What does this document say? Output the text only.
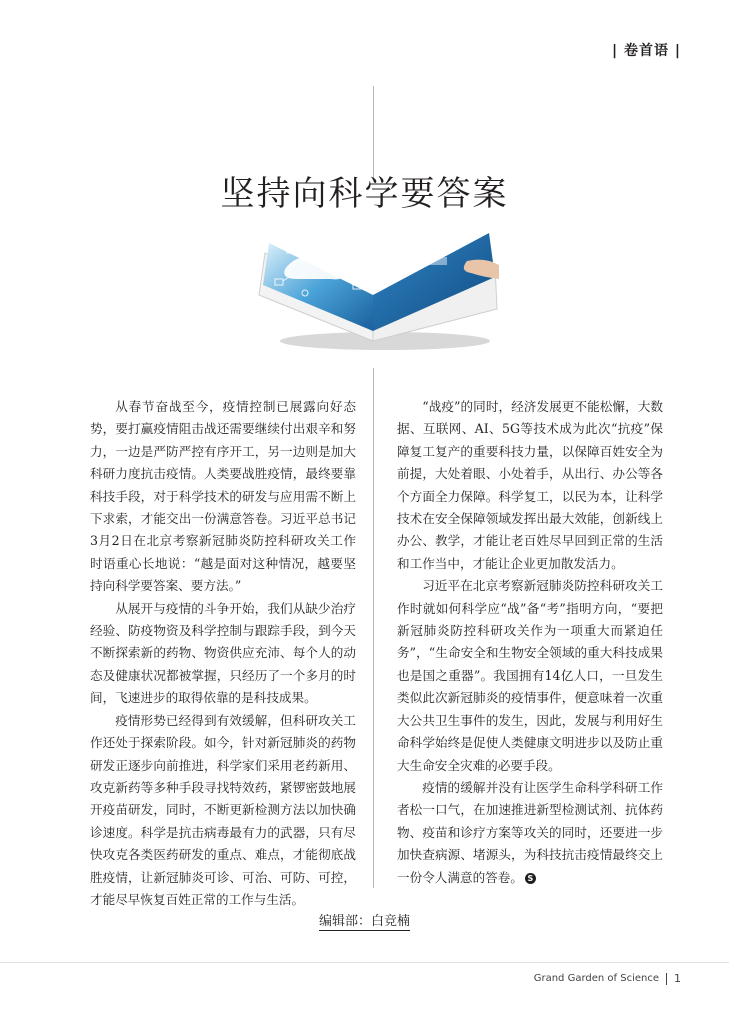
| 卷首语 |
坚持向科学要答案

从春节奋战至今，疫情控制已展露向好态势，要打赢疫情阻击战还需要继续付出艰辛和努力，一边是严防严控有序开工，另一边则是加大科研力度抗击疫情。人类要战胜疫情，最终要靠科技手段，对于科学技术的研发与应用需不断上下求索，才能交出一份满意答卷。习近平总书记3月2日在北京考察新冠肺炎防控科研攻关工作时语重心长地说：“越是面对这种情况，越要坚持向科学要答案、要方法。”

从展开与疫情的斗争开始，我们从缺少治疗经验、防疫物资及科学控制与跟踪手段，到今天不断探索新的药物、物资供应充沛、每个人的动态及健康状况都被掌握，只经历了一个多月的时间，飞速进步的取得依靠的是科技成果。

疫情形势已经得到有效缓解，但科研攻关工作还处于探索阶段。如今，针对新冠肺炎的药物研发正逐步向前推进，科学家们采用老药新用、攻克新药等多种手段寻找特效药，紧锣密鼓地展开疫苗研发，同时，不断更新检测方法以加快确诊速度。科学是抗击病毒最有力的武器，只有尽快攻克各类医药研发的重点、难点，才能彻底战胜疫情，让新冠肺炎可诊、可治、可防、可控，才能尽早恢复百姓正常的工作与生活。

“战疫”的同时，经济发展更不能松懈，大数据、互联网、AI、5G等技术成为此次“抗疫”保障复工复产的重要科技力量，以保障百姓安全为前提，大处着眼、小处着手，从出行、办公等各个方面全力保障。科学复工，以民为本，让科学技术在安全保障领域发挥出最大效能，创新线上办公、教学，才能让老百姓尽早回到正常的生活和工作当中，才能让企业更加散发活力。

习近平在北京考察新冠肺炎防控科研攻关工作时就如何科学应“战”备“考”指明方向，“要把新冠肺炎防控科研攻关作为一项重大而紧迫任务”，“生命安全和生物安全领域的重大科技成果也是国之重器”。我国拥有14亿人口，一旦发生类似此次新冠肺炎的疫情事件，便意味着一次重大公共卫生事件的发生，因此，发展与利用好生命科学始终是促使人类健康文明进步以及防止重大生命安全灾难的必要手段。

疫情的缓解并没有让医学生命科学科研工作者松一口气，在加速推进新型检测试剂、抗体药物、疫苗和诊疗方案等攻关的同时，还要进一步加快查病源、堵源头，为科技抗击疫情最终交上一份令人满意的答卷。 S

编辑部：白竞楠
Grand Garden of Science 1
